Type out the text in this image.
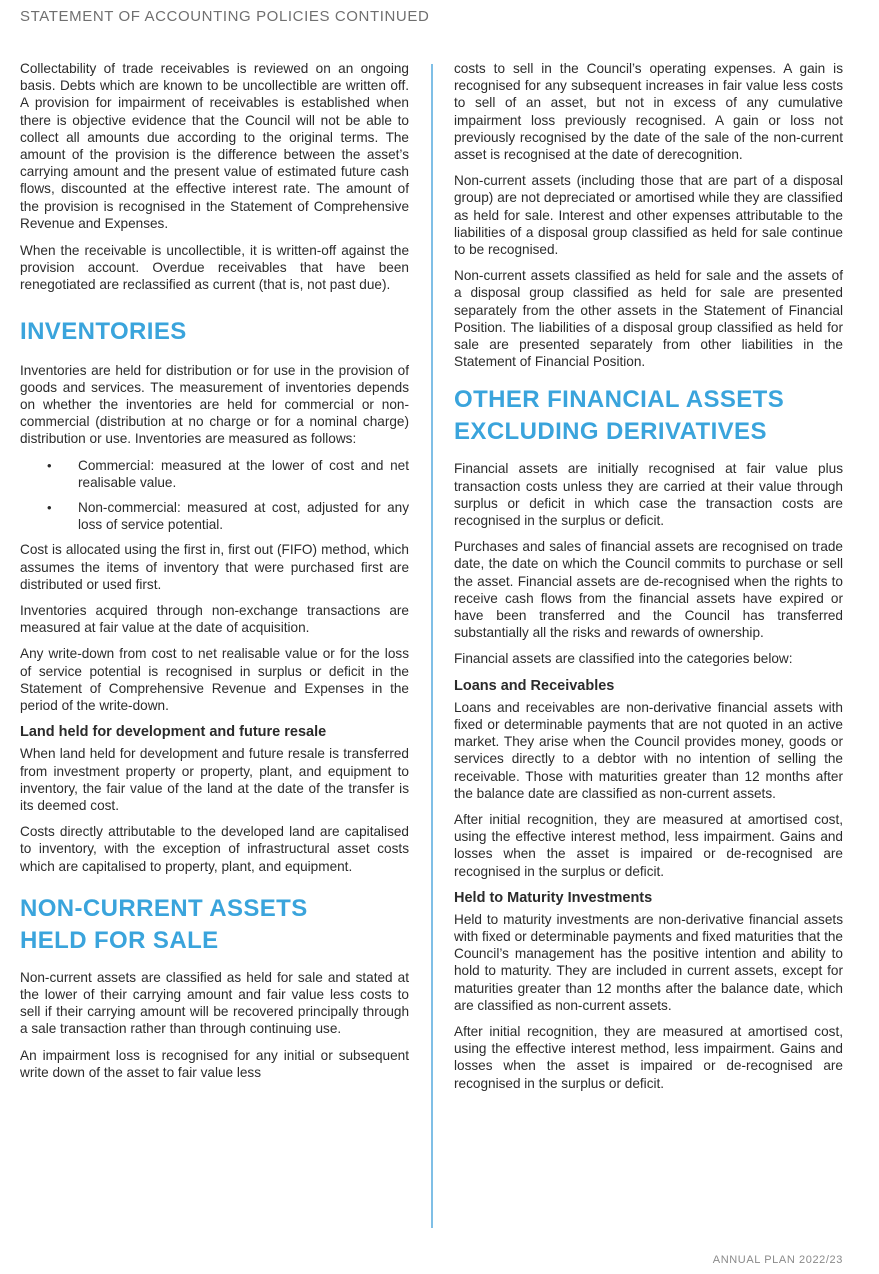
STATEMENT OF ACCOUNTING POLICIES CONTINUED

Collectability of trade receivables is reviewed on an ongoing basis. Debts which are known to be uncollectible are written off. A provision for impairment of receivables is established when there is objective evidence that the Council will not be able to collect all amounts due according to the original terms. The amount of the provision is the difference between the asset’s carrying amount and the present value of estimated future cash flows, discounted at the effective interest rate. The amount of the provision is recognised in the Statement of Comprehensive Revenue and Expenses.

When the receivable is uncollectible, it is written-off against the provision account. Overdue receivables that have been renegotiated are reclassified as current (that is, not past due).

INVENTORIES

Inventories are held for distribution or for use in the provision of goods and services. The measurement of inventories depends on whether the inventories are held for commercial or non-commercial (distribution at no charge or for a nominal charge) distribution or use. Inventories are measured as follows:

• Commercial: measured at the lower of cost and net realisable value.
• Non-commercial: measured at cost, adjusted for any loss of service potential.

Cost is allocated using the first in, first out (FIFO) method, which assumes the items of inventory that were purchased first are distributed or used first.

Inventories acquired through non-exchange transactions are measured at fair value at the date of acquisition.

Any write-down from cost to net realisable value or for the loss of service potential is recognised in surplus or deficit in the Statement of Comprehensive Revenue and Expenses in the period of the write-down.

Land held for development and future resale

When land held for development and future resale is transferred from investment property or property, plant, and equipment to inventory, the fair value of the land at the date of the transfer is its deemed cost.

Costs directly attributable to the developed land are capitalised to inventory, with the exception of infrastructural asset costs which are capitalised to property, plant, and equipment.

NON-CURRENT ASSETS
HELD FOR SALE

Non-current assets are classified as held for sale and stated at the lower of their carrying amount and fair value less costs to sell if their carrying amount will be recovered principally through a sale transaction rather than through continuing use.

An impairment loss is recognised for any initial or subsequent write down of the asset to fair value less

costs to sell in the Council’s operating expenses. A gain is recognised for any subsequent increases in fair value less costs to sell of an asset, but not in excess of any cumulative impairment loss previously recognised. A gain or loss not previously recognised by the date of the sale of the non-current asset is recognised at the date of derecognition.

Non-current assets (including those that are part of a disposal group) are not depreciated or amortised while they are classified as held for sale. Interest and other expenses attributable to the liabilities of a disposal group classified as held for sale continue to be recognised.

Non-current assets classified as held for sale and the assets of a disposal group classified as held for sale are presented separately from the other assets in the Statement of Financial Position. The liabilities of a disposal group classified as held for sale are presented separately from other liabilities in the Statement of Financial Position.

OTHER FINANCIAL ASSETS
EXCLUDING DERIVATIVES

Financial assets are initially recognised at fair value plus transaction costs unless they are carried at their value through surplus or deficit in which case the transaction costs are recognised in the surplus or deficit.

Purchases and sales of financial assets are recognised on trade date, the date on which the Council commits to purchase or sell the asset. Financial assets are de-recognised when the rights to receive cash flows from the financial assets have expired or have been transferred and the Council has transferred substantially all the risks and rewards of ownership.

Financial assets are classified into the categories below:

Loans and Receivables

Loans and receivables are non-derivative financial assets with fixed or determinable payments that are not quoted in an active market. They arise when the Council provides money, goods or services directly to a debtor with no intention of selling the receivable. Those with maturities greater than 12 months after the balance date are classified as non-current assets.

After initial recognition, they are measured at amortised cost, using the effective interest method, less impairment. Gains and losses when the asset is impaired or de-recognised are recognised in the surplus or deficit.

Held to Maturity Investments

Held to maturity investments are non-derivative financial assets with fixed or determinable payments and fixed maturities that the Council’s management has the positive intention and ability to hold to maturity. They are included in current assets, except for maturities greater than 12 months after the balance date, which are classified as non-current assets.

After initial recognition, they are measured at amortised cost, using the effective interest method, less impairment. Gains and losses when the asset is impaired or de-recognised are recognised in the surplus or deficit.

ANNUAL PLAN 2022/23
